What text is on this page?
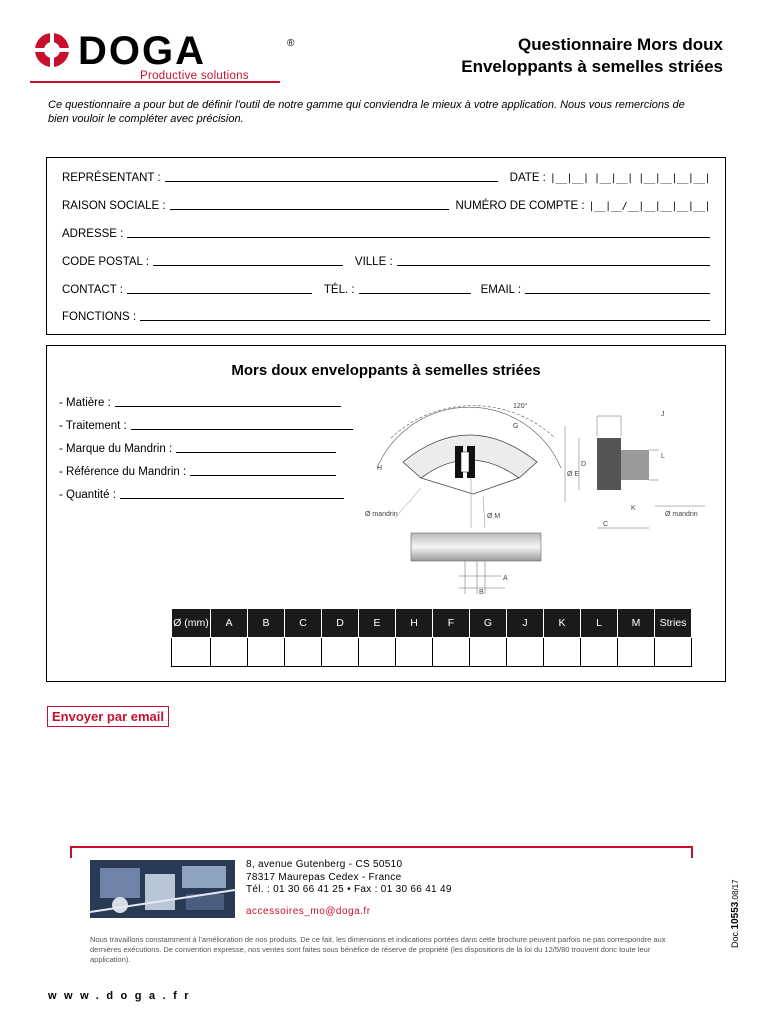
DOGA	®
Productive solutions
Questionnaire Mors doux
Enveloppants à semelles striées
Ce questionnaire a pour but de définir l'outil de notre gamme qui conviendra le mieux à votre application. Nous vous remercions de bien vouloir le compléter avec précision.
REPRÉSENTANT :	DATE : |__|__| |__|__| |__|__|__|__|
RAISON SOCIALE :	NUMÉRO DE COMPTE : |__|__/__|__|__|__|__|
ADRESSE :
CODE POSTAL :	VILLE :
CONTACT :	TÉL. :	EMAIL :
FONCTIONS :
Mors doux enveloppants à semelles striées
- Matière :
- Traitement :
- Marque du Mandrin :
- Référence du Mandrin :
- Quantité :
120°
J
L
G
H
Ø mandrin	Ø mandrin
Ø M
Ø E
K
C
D
A
B
Ø (mm)	A	B	C	D	E	H	F	G	J	K	L	M	Stries

Envoyer par email
8, avenue Gutenberg - CS 50510
78317 Maurepas Cedex - France
Tél. : 01 30 66 41 25 • Fax : 01 30 66 41 49
accessoires_mo@doga.fr
Nous travaillons constamment à l'amélioration de nos produits. De ce fait, les dimensions et indications portées dans cette brochure peuvent parfois ne pas correspondre aux dernières exécutions. De convention expresse, nos ventes sont faites sous bénéfice de réserve de propriété (les dispositions de la loi du 12/5/80 trouvent donc toute leur application).
Doc.10553.08/17
www.doga.fr
